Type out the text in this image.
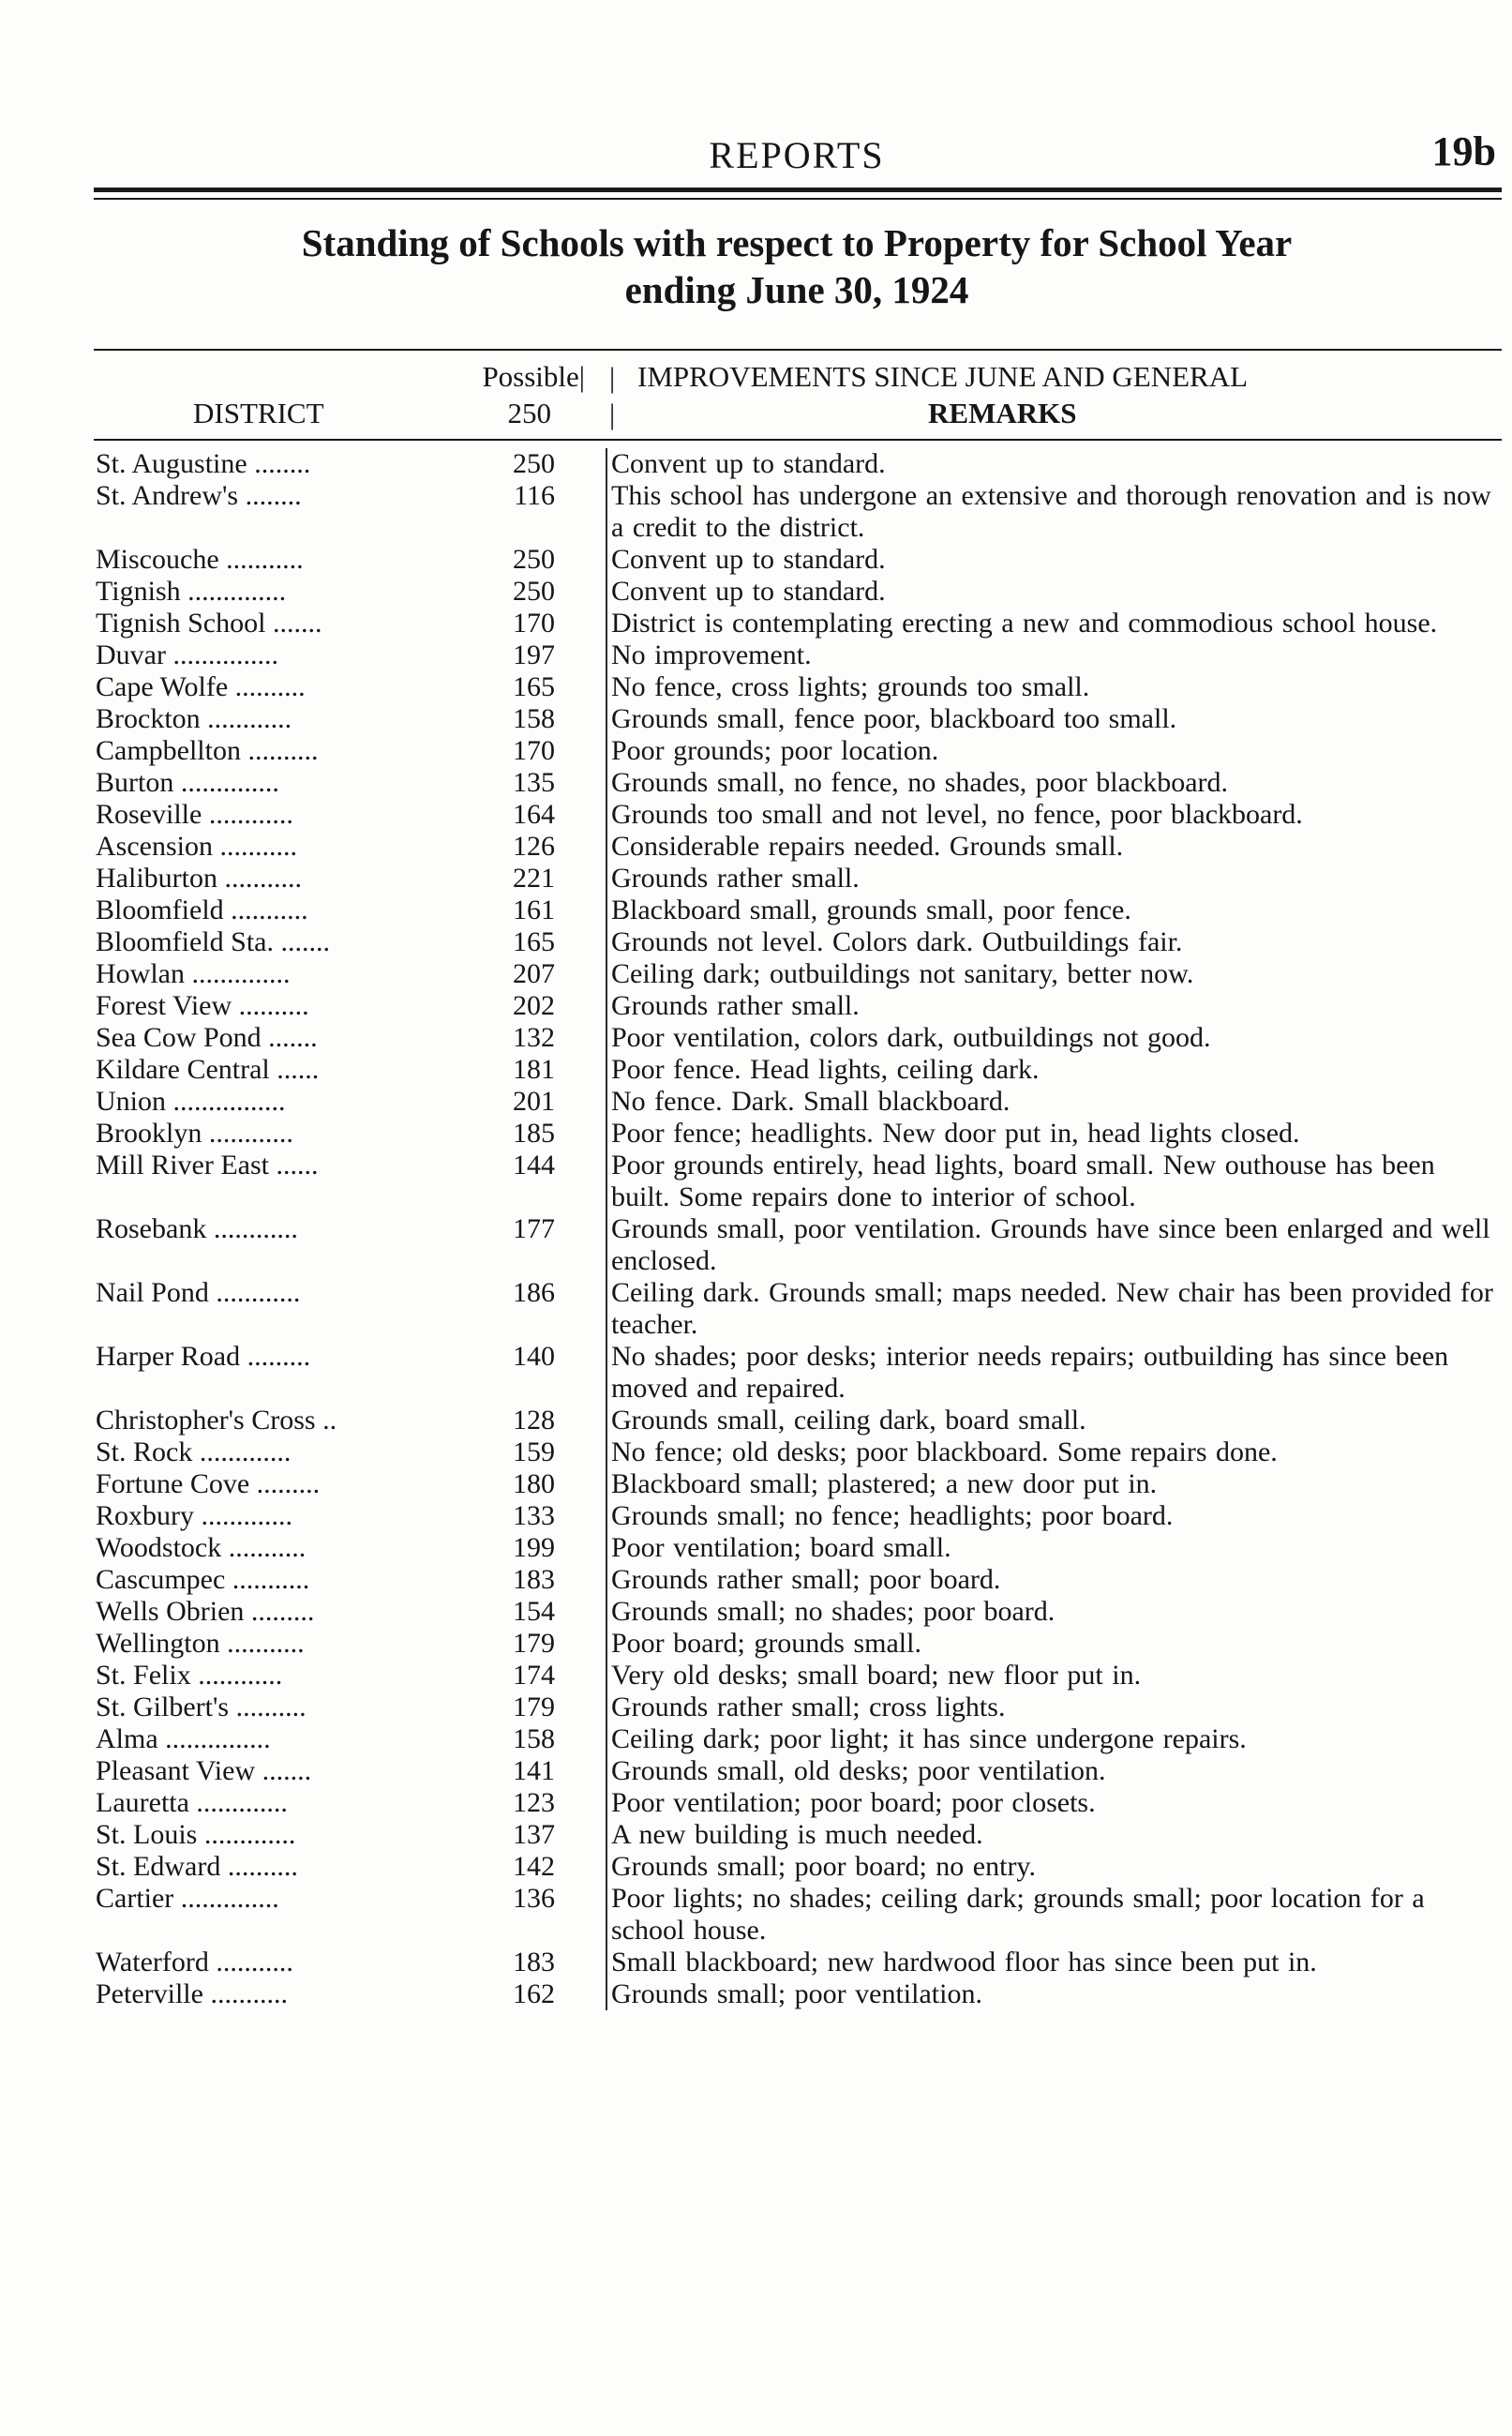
REPORTS	19b
Standing of Schools with respect to Property for School Year
ending June 30, 1924
DISTRICT
Possible|
250
IMPROVEMENTS SINCE JUNE AND GENERAL
REMARKS
|
|
St. Augustine ........	250 Convent up to standard.
St. Andrew's ........	116 This school has undergone an extensive and thorough renovation and is now a credit to the district.
Miscouche ...........	250 Convent up to standard.
Tignish ..............	250 Convent up to standard.
Tignish School .......	170 District is contemplating erecting a new and commodious school house.
Duvar ...............	197 No improvement.
Cape Wolfe ..........	165 No fence, cross lights; grounds too small.
Brockton ............	158 Grounds small, fence poor, blackboard too small.
Campbellton ..........	170 Poor grounds; poor location.
Burton ..............	135 Grounds small, no fence, no shades, poor blackboard.
Roseville ............	164 Grounds too small and not level, no fence, poor blackboard.
Ascension ...........	126 Considerable repairs needed. Grounds small.
Haliburton ...........	221 Grounds rather small.
Bloomfield ...........	161 Blackboard small, grounds small, poor fence.
Bloomfield Sta. .......	165 Grounds not level. Colors dark. Outbuildings fair.
Howlan ..............	207 Ceiling dark; outbuildings not sanitary, better now.
Forest View ..........	202 Grounds rather small.
Sea Cow Pond .......	132 Poor ventilation, colors dark, outbuildings not good.
Kildare Central ......	181 Poor fence. Head lights, ceiling dark.
Union ................	201 No fence. Dark. Small blackboard.
Brooklyn ............	185 Poor fence; headlights. New door put in, head lights closed.
Mill River East ......	144 Poor grounds entirely, head lights, board small. New outhouse has been built. Some repairs done to interior of school.
Rosebank ............	177 Grounds small, poor ventilation. Grounds have since been enlarged and well enclosed.
Nail Pond ............	186 Ceiling dark. Grounds small; maps needed. New chair has been provided for teacher.
Harper Road .........	140 No shades; poor desks; interior needs repairs; outbuilding has since been moved and repaired.
Christopher's Cross ..	128 Grounds small, ceiling dark, board small.
St. Rock .............	159 No fence; old desks; poor blackboard. Some repairs done.
Fortune Cove .........	180 Blackboard small; plastered; a new door put in.
Roxbury .............	133 Grounds small; no fence; headlights; poor board.
Woodstock ...........	199 Poor ventilation; board small.
Cascumpec ...........	183 Grounds rather small; poor board.
Wells Obrien .........	154 Grounds small; no shades; poor board.
Wellington ...........	179 Poor board; grounds small.
St. Felix ............	174 Very old desks; small board; new floor put in.
St. Gilbert's ..........	179 Grounds rather small; cross lights.
Alma ...............	158 Ceiling dark; poor light; it has since undergone repairs.
Pleasant View .......	141 Grounds small, old desks; poor ventilation.
Lauretta .............	123 Poor ventilation; poor board; poor closets.
St. Louis .............	137 A new building is much needed.
St. Edward ..........	142 Grounds small; poor board; no entry.
Cartier ..............	136 Poor lights; no shades; ceiling dark; grounds small; poor location for a school house.
Waterford ...........	183 Small blackboard; new hardwood floor has since been put in.
Peterville ...........	162 Grounds small; poor ventilation.
